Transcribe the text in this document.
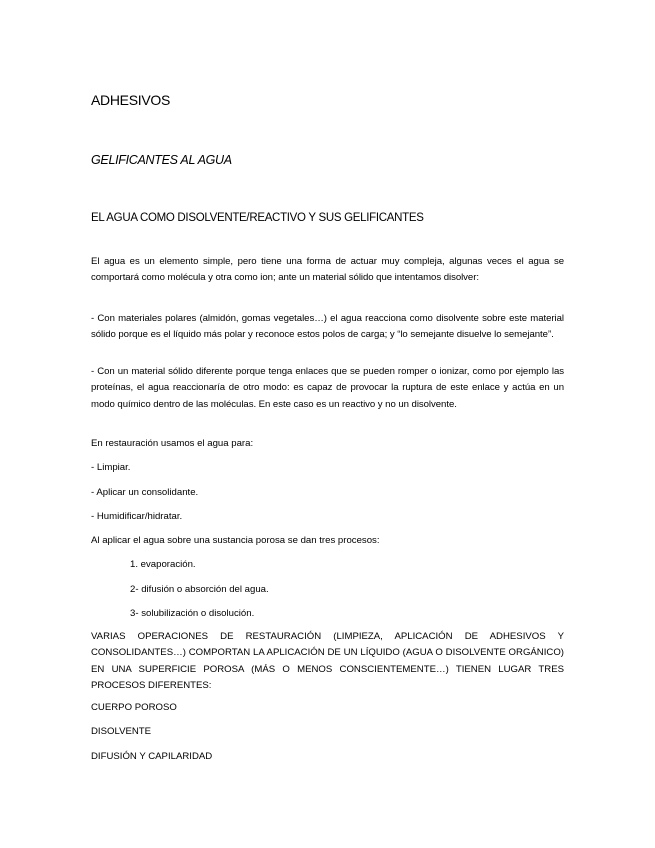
ADHESIVOS
GELIFICANTES AL AGUA
EL AGUA COMO DISOLVENTE/REACTIVO Y SUS GELIFICANTES

El agua es un elemento simple, pero tiene una forma de actuar muy compleja, algunas veces el agua se comportará como molécula y otra como ion; ante un material sólido que intentamos disolver:

- Con materiales polares (almidón, gomas vegetales…) el agua reacciona como disolvente sobre este material sólido porque es el líquido más polar y reconoce estos polos de carga; y “lo semejante disuelve lo semejante”.

- Con un material sólido diferente porque tenga enlaces que se pueden romper o ionizar, como por ejemplo las proteínas, el agua reaccionaría de otro modo: es capaz de provocar la ruptura de este enlace y actúa en un modo químico dentro de las moléculas. En este caso es un reactivo y no un disolvente.

En restauración usamos el agua para:

- Limpiar.

- Aplicar un consolidante.

- Humidificar/hidratar.

Al aplicar el agua sobre una sustancia porosa se dan tres procesos:

1. evaporación.

2- difusión o absorción del agua.

3- solubilización o disolución.

VARIAS OPERACIONES DE RESTAURACIÓN (LIMPIEZA, APLICACIÓN DE ADHESIVOS Y CONSOLIDANTES…) COMPORTAN LA APLICACIÓN DE UN LÍQUIDO (AGUA O DISOLVENTE ORGÁNICO) EN UNA SUPERFICIE POROSA (MÁS O MENOS CONSCIENTEMENTE…) TIENEN LUGAR TRES PROCESOS DIFERENTES:

CUERPO POROSO

DISOLVENTE

DIFUSIÓN Y CAPILARIDAD
